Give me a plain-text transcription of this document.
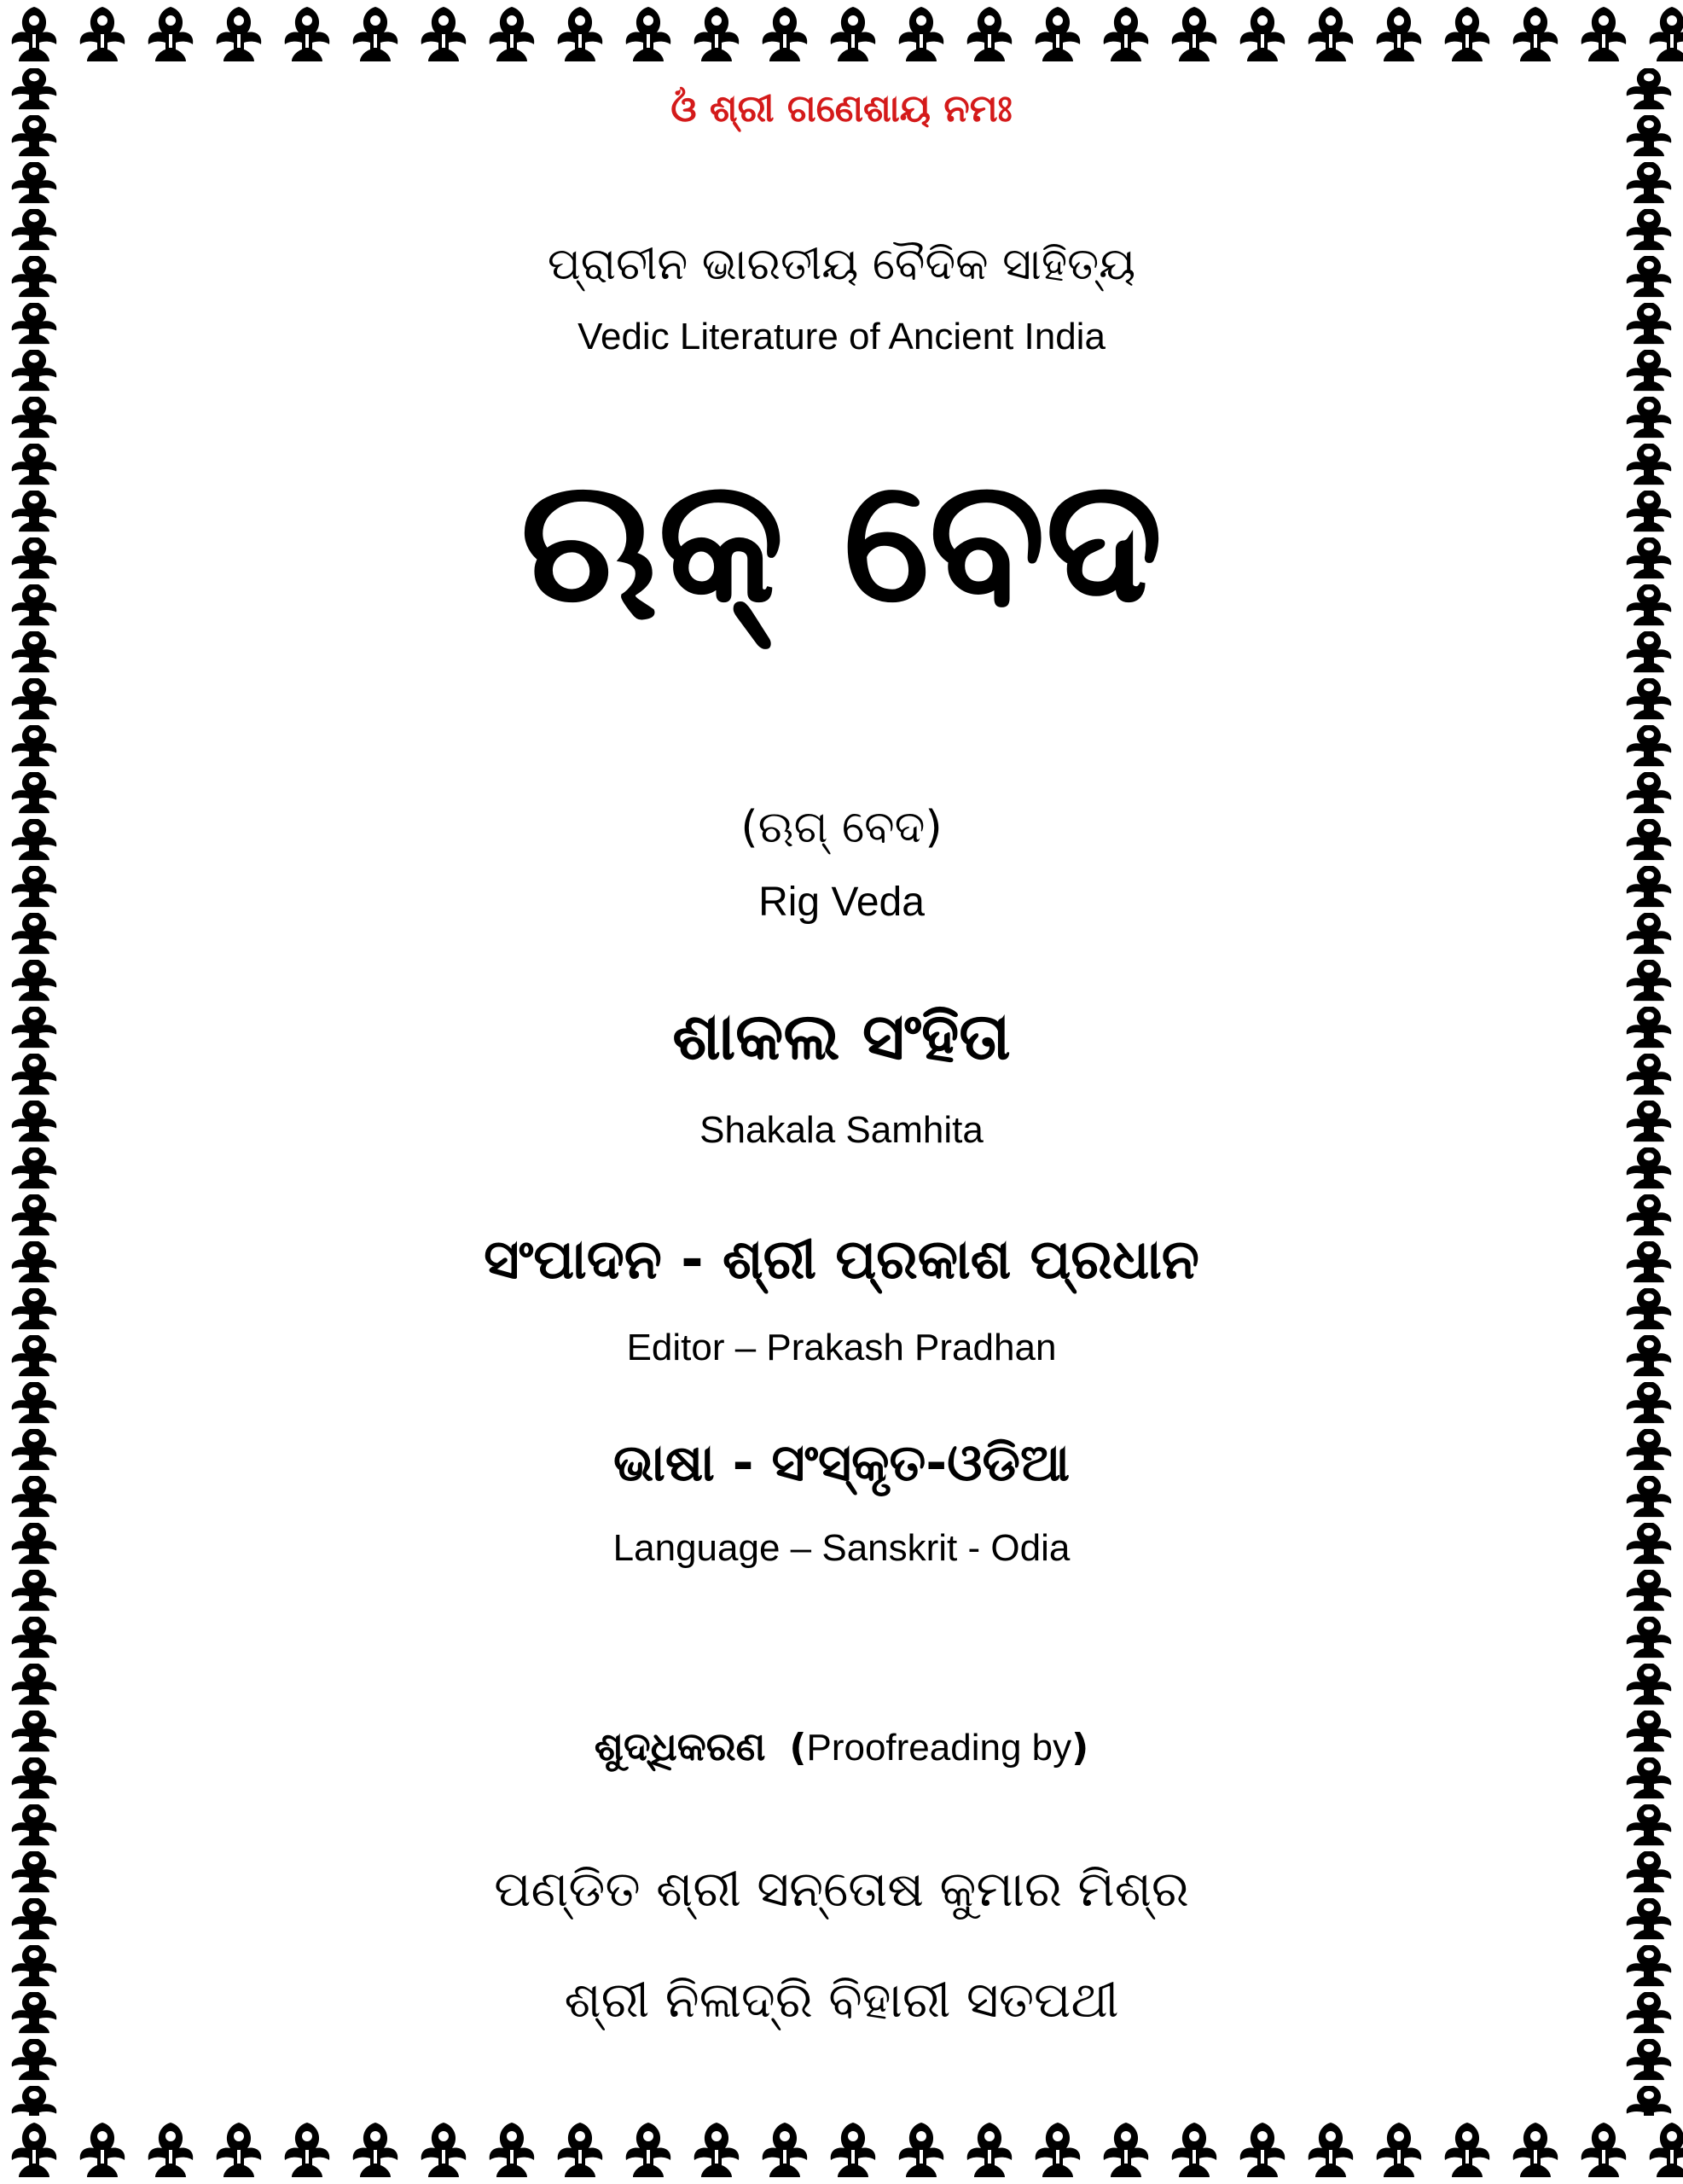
ଓଁ ଶ୍ରୀ ଗଣେଶାୟ ନମଃ
ପ୍ରାଚୀନ ଭାରତୀୟ ବୈଦିକ ସାହିତ୍ୟ
Vedic Literature of Ancient India
ଋକ୍ ବେଦ
(ଋଗ୍ ବେଦ)
Rig Veda
ଶାକଲ ସଂହିତା
Shakala Samhita
ସଂପାଦନ - ଶ୍ରୀ ପ୍ରକାଶ ପ୍ରଧାନ
Editor – Prakash Pradhan
ଭାଷା - ସଂସ୍କୃତ-ଓଡିଆ
Language – Sanskrit - Odia
ଶୁଦ୍ଧିକରଣ (Proofreading by)
ପଣ୍ଡିତ ଶ୍ରୀ ସନ୍ତୋଷ କୁମାର ମିଶ୍ର
ଶ୍ରୀ ନିଳାଦ୍ରି ବିହାରୀ ସତପଥୀ
